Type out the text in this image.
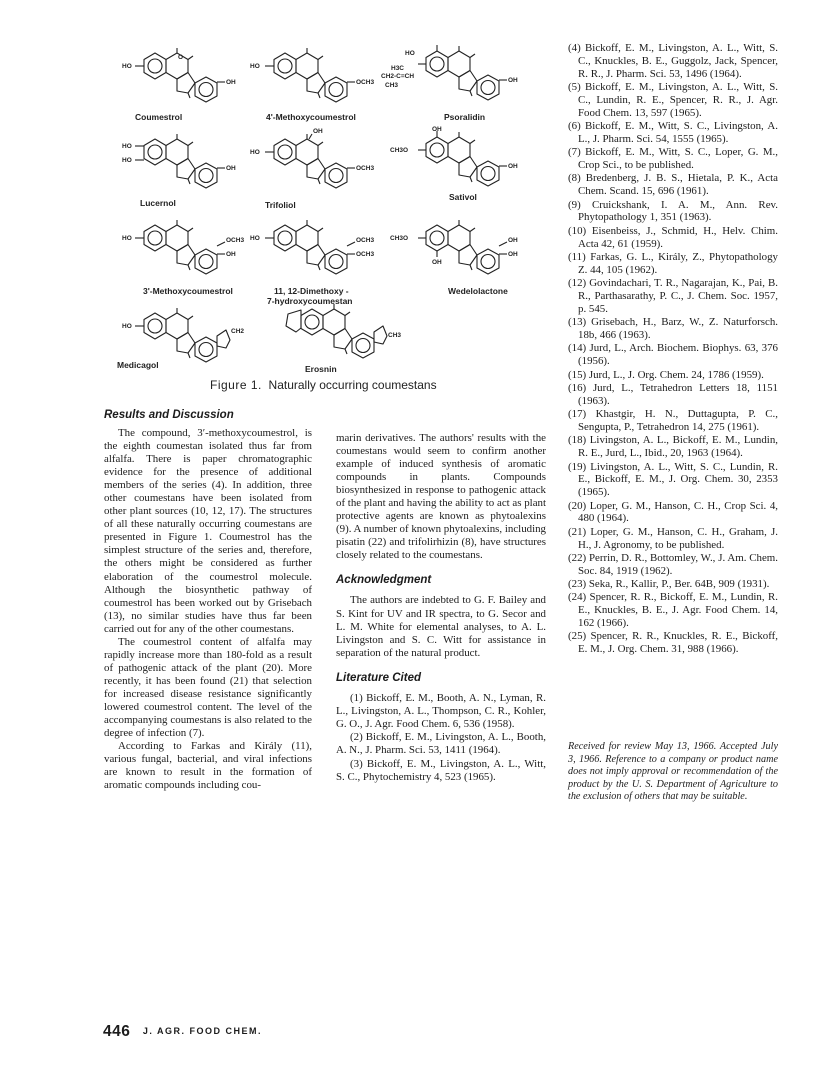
HO
OH
O
HO
OCH3
HO
OH
H3C
CH2-C=CH
CH3
HO
HO
OH
HO
OH
OCH3
CH3O
OH
OH
HO	OCH3
OH
HO	OCH3
OCH3
CH3O	OH
OH
OH
HO
CH2
CH3
Coumestrol	4'-Methoxycoumestrol	Psoralidin
Lucernol	Trifoliol
Sativol
3'-Methoxycoumestrol	11, 12-Dimethoxy -
7-hydroxycoumestan
Wedelolactone
Medicagol	Erosnin
Figure 1. Naturally occurring coumestans
Results and Discussion

The compound, 3′-methoxycoumestrol, is the eighth coumestan isolated thus far from alfalfa. There is paper chromatographic evidence for the presence of additional members of the series (4). In addition, three other coumestans have been isolated from other plant sources (10, 12, 17). The structures of all these naturally occurring coumestans are presented in Figure 1. Coumestrol has the simplest structure of the series and, therefore, the others might be considered as further elaboration of the coumestrol molecule. Although the biosynthetic pathway of coumestrol has been worked out by Grisebach (13), no similar studies have thus far been carried out for any of the other coumestans.

The coumestrol content of alfalfa may rapidly increase more than 180-fold as a result of pathogenic attack of the plant (20). More recently, it has been found (21) that selection for increased disease resistance significantly lowered coumestrol content. The level of the accompanying coumestans is also related to the degree of infection (7).

According to Farkas and Király (11), various fungal, bacterial, and viral infections are known to result in the formation of aromatic compounds including cou-

marin derivatives. The authors' results with the coumestans would seem to confirm another example of induced synthesis of aromatic compounds in plants. Compounds biosynthesized in response to pathogenic attack of the plant and having the ability to act as plant protective agents are known as phytoalexins (9). A number of known phytoalexins, including pisatin (22) and trifolirhizin (8), have structures closely related to the coumestans.

Acknowledgment

The authors are indebted to G. F. Bailey and S. Kint for UV and IR spectra, to G. Secor and L. M. White for elemental analyses, to A. L. Livingston and S. C. Witt for assistance in separation of the natural product.

Literature Cited

(1) Bickoff, E. M., Booth, A. N., Lyman, R. L., Livingston, A. L., Thompson, C. R., Kohler, G. O., J. Agr. Food Chem. 6, 536 (1958).

(2) Bickoff, E. M., Livingston, A. L., Booth, A. N., J. Pharm. Sci. 53, 1411 (1964).

(3) Bickoff, E. M., Livingston, A. L., Witt, S. C., Phytochemistry 4, 523 (1965).

(4) Bickoff, E. M., Livingston, A. L., Witt, S. C., Knuckles, B. E., Guggolz, Jack, Spencer, R. R., J. Pharm. Sci. 53, 1496 (1964).

(5) Bickoff, E. M., Livingston, A. L., Witt, S. C., Lundin, R. E., Spencer, R. R., J. Agr. Food Chem. 13, 597 (1965).

(6) Bickoff, E. M., Witt, S. C., Livingston, A. L., J. Pharm. Sci. 54, 1555 (1965).

(7) Bickoff, E. M., Witt, S. C., Loper, G. M., Crop Sci., to be published.

(8) Bredenberg, J. B. S., Hietala, P. K., Acta Chem. Scand. 15, 696 (1961).

(9) Cruickshank, I. A. M., Ann. Rev. Phytopathology 1, 351 (1963).

(10) Eisenbeiss, J., Schmid, H., Helv. Chim. Acta 42, 61 (1959).

(11) Farkas, G. L., Király, Z., Phytopathology Z. 44, 105 (1962).

(12) Govindachari, T. R., Nagarajan, K., Pai, B. R., Parthasarathy, P. C., J. Chem. Soc. 1957, p. 545.

(13) Grisebach, H., Barz, W., Z. Naturforsch. 18b, 466 (1963).

(14) Jurd, L., Arch. Biochem. Biophys. 63, 376 (1956).

(15) Jurd, L., J. Org. Chem. 24, 1786 (1959).

(16) Jurd, L., Tetrahedron Letters 18, 1151 (1963).

(17) Khastgir, H. N., Duttagupta, P. C., Sengupta, P., Tetrahedron 14, 275 (1961).

(18) Livingston, A. L., Bickoff, E. M., Lundin, R. E., Jurd, L., Ibid., 20, 1963 (1964).

(19) Livingston, A. L., Witt, S. C., Lundin, R. E., Bickoff, E. M., J. Org. Chem. 30, 2353 (1965).

(20) Loper, G. M., Hanson, C. H., Crop Sci. 4, 480 (1964).

(21) Loper, G. M., Hanson, C. H., Graham, J. H., J. Agronomy, to be published.

(22) Perrin, D. R., Bottomley, W., J. Am. Chem. Soc. 84, 1919 (1962).

(23) Seka, R., Kallir, P., Ber. 64B, 909 (1931).

(24) Spencer, R. R., Bickoff, E. M., Lundin, R. E., Knuckles, B. E., J. Agr. Food Chem. 14, 162 (1966).

(25) Spencer, R. R., Knuckles, R. E., Bickoff, E. M., J. Org. Chem. 31, 988 (1966).

Received for review May 13, 1966. Accepted July 3, 1966. Reference to a company or product name does not imply approval or recommendation of the product by the U. S. Department of Agriculture to the exclusion of others that may be suitable.
446 J. AGR. FOOD CHEM.
